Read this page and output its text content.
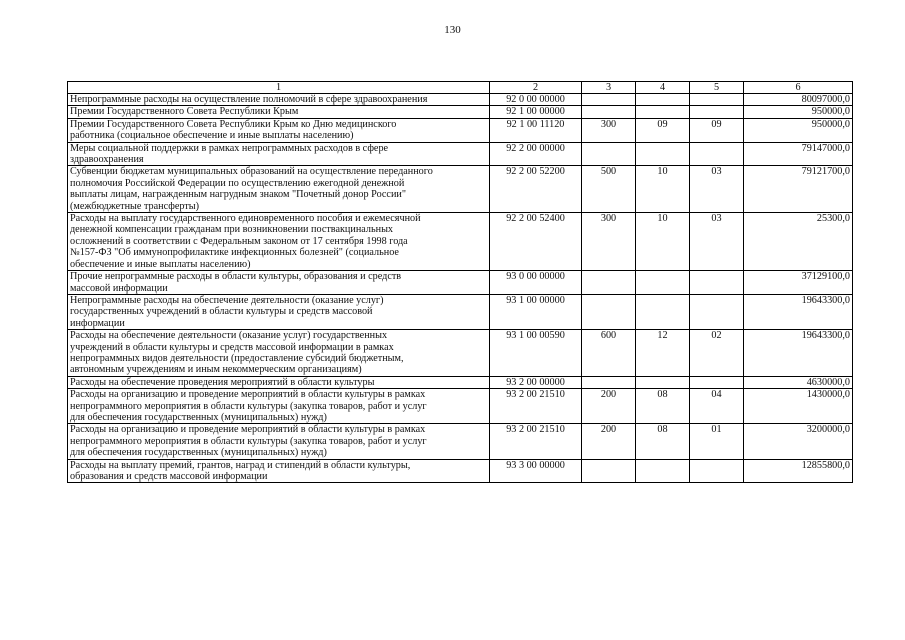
130
1	2	3	4	5	6
Непрограммные расходы на осуществление полномочий в сфере здравоохранения	92 0 00 00000				80097000,0
Премии Государственного Совета Республики Крым	92 1 00 00000				950000,0
Премии Государственного Совета Республики Крым ко Дню медицинского
работника (социальное обеспечение и иные выплаты населению)	92 1 00 11120	300	09	09	950000,0
Меры социальной поддержки в рамках непрограммных расходов в сфере
здравоохранения	92 2 00 00000				79147000,0
Субвенции бюджетам муниципальных образований на осуществление переданного
полномочия Российской Федерации по осуществлению ежегодной денежной
выплаты лицам, награжденным нагрудным знаком "Почетный донор России"
(межбюджетные трансферты)	92 2 00 52200	500	10	03	79121700,0
Расходы на выплату государственного единовременного пособия и ежемесячной
денежной компенсации гражданам при возникновении поствакцинальных
осложнений в соответствии с Федеральным законом от 17 сентября 1998 года
№157-ФЗ "Об иммунопрофилактике инфекционных болезней" (социальное
обеспечение и иные выплаты населению)	92 2 00 52400	300	10	03	25300,0
Прочие непрограммные расходы в области культуры, образования и средств
массовой информации	93 0 00 00000				37129100,0
Непрограммные расходы на обеспечение деятельности (оказание услуг)
государственных учреждений в области культуры и средств массовой
информации	93 1 00 00000				19643300,0
Расходы на обеспечение деятельности (оказание услуг) государственных
учреждений в области культуры и средств массовой информации в рамках
непрограммных видов деятельности (предоставление субсидий бюджетным,
автономным учреждениям и иным некоммерческим организациям)	93 1 00 00590	600	12	02	19643300,0
Расходы на обеспечение проведения мероприятий в области культуры	93 2 00 00000				4630000,0
Расходы на организацию и проведение мероприятий в области культуры в рамках
непрограммного мероприятия в области культуры (закупка товаров, работ и услуг
для обеспечения государственных (муниципальных) нужд)	93 2 00 21510	200	08	04	1430000,0
Расходы на организацию и проведение мероприятий в области культуры в рамках
непрограммного мероприятия в области культуры (закупка товаров, работ и услуг
для обеспечения государственных (муниципальных) нужд)	93 2 00 21510	200	08	01	3200000,0
Расходы на выплату премий, грантов, наград и стипендий в области культуры,
образования и средств массовой информации	93 3 00 00000				12855800,0
